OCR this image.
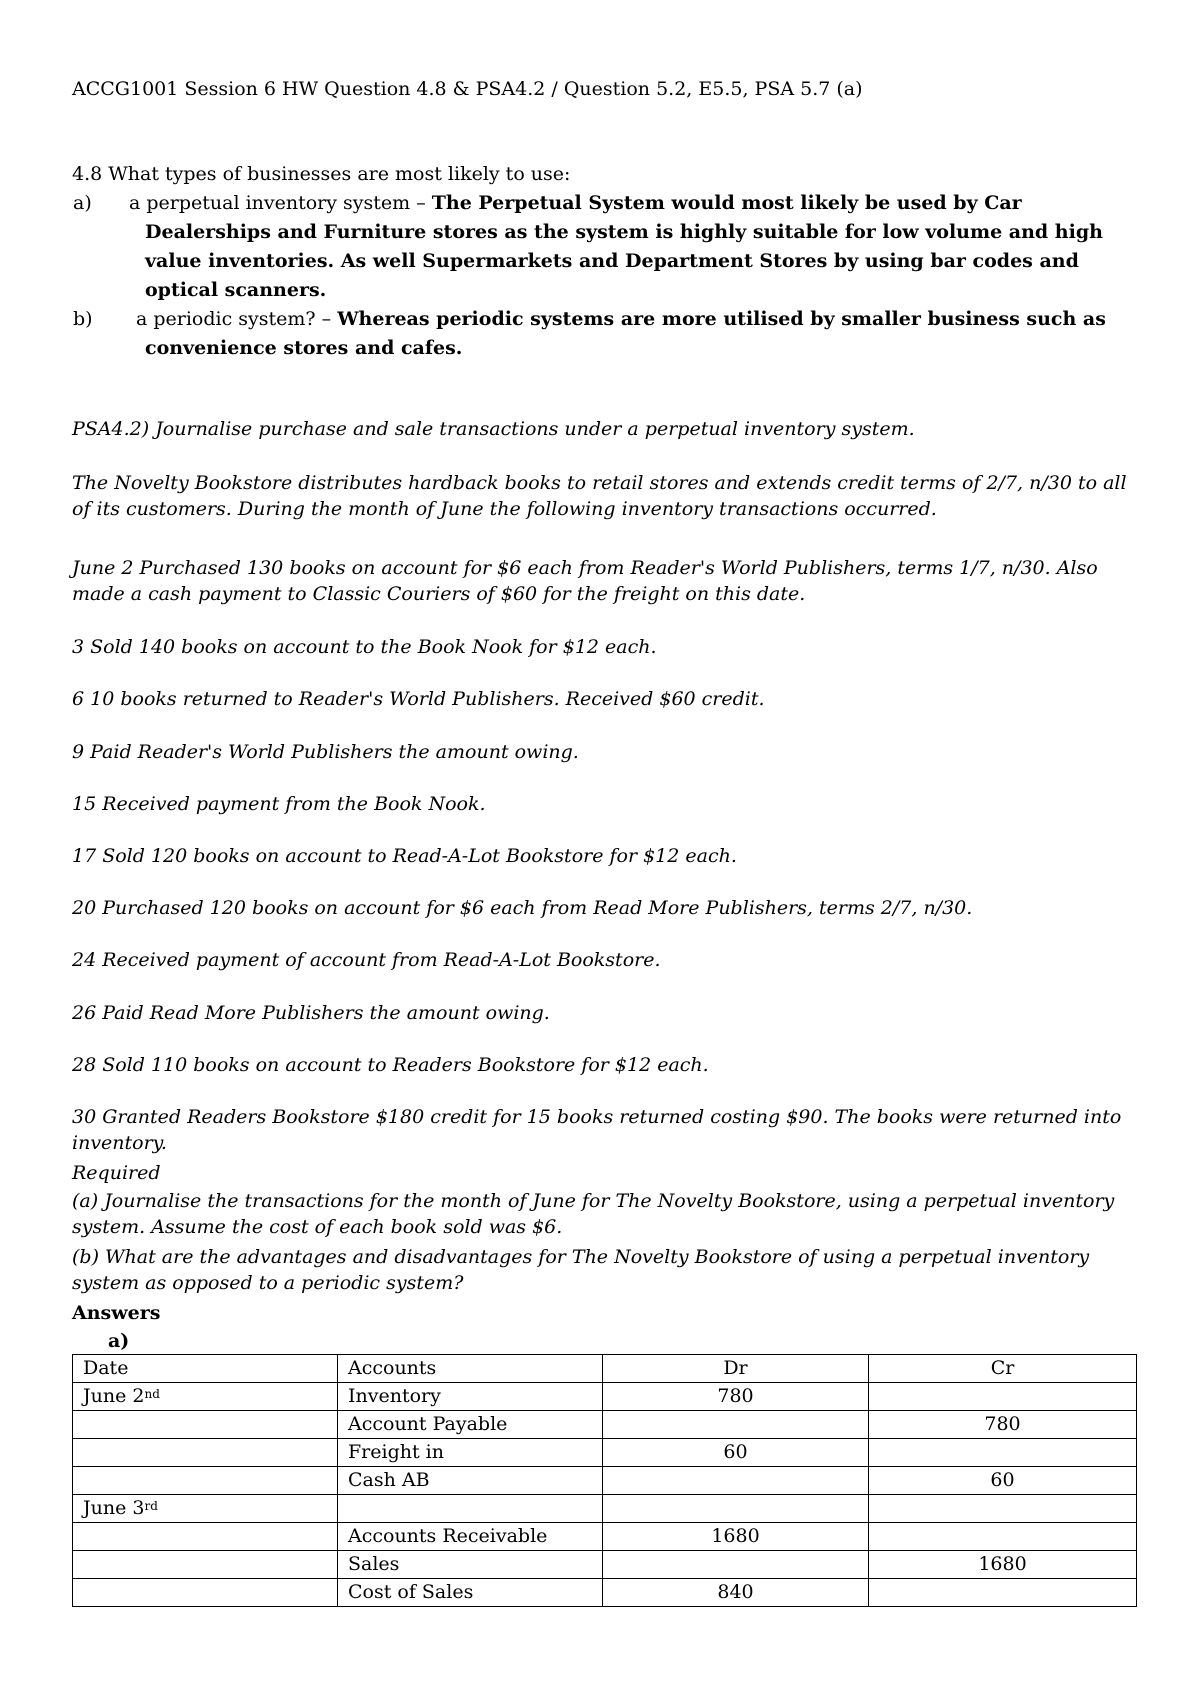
ACCG1001 Session 6 HW Question 4.8 & PSA4.2 / Question 5.2, E5.5, PSA 5.7 (a)
4.8 What types of businesses are most likely to use:
a) a perpetual inventory system – The Perpetual System would most likely be used by Car Dealerships and Furniture stores as the system is highly suitable for low volume and high value inventories. As well Supermarkets and Department Stores by using bar codes and optical scanners.
b) a periodic system? – Whereas periodic systems are more utilised by smaller business such as convenience stores and cafes.
PSA4.2) Journalise purchase and sale transactions under a perpetual inventory system.
The Novelty Bookstore distributes hardback books to retail stores and extends credit terms of 2/7, n/30 to all of its customers. During the month of June the following inventory transactions occurred.
June 2 Purchased 130 books on account for $6 each from Reader's World Publishers, terms 1/7, n/30. Also made a cash payment to Classic Couriers of $60 for the freight on this date.
3 Sold 140 books on account to the Book Nook for $12 each.
6 10 books returned to Reader's World Publishers. Received $60 credit.
9 Paid Reader's World Publishers the amount owing.
15 Received payment from the Book Nook.
17 Sold 120 books on account to Read-A-Lot Bookstore for $12 each.
20 Purchased 120 books on account for $6 each from Read More Publishers, terms 2/7, n/30.
24 Received payment of account from Read-A-Lot Bookstore.
26 Paid Read More Publishers the amount owing.
28 Sold 110 books on account to Readers Bookstore for $12 each.
30 Granted Readers Bookstore $180 credit for 15 books returned costing $90. The books were returned into inventory.
Required
(a) Journalise the transactions for the month of June for The Novelty Bookstore, using a perpetual inventory system. Assume the cost of each book sold was $6.
(b) What are the advantages and disadvantages for The Novelty Bookstore of using a perpetual inventory system as opposed to a periodic system?
Answers
a)
Date	Accounts	Dr	Cr
June 2nd	Inventory	780	
	Account Payable		780
	Freight in	60	
	Cash AB		60
June 3rd			
	Accounts Receivable	1680	
	Sales		1680
	Cost of Sales	840	
